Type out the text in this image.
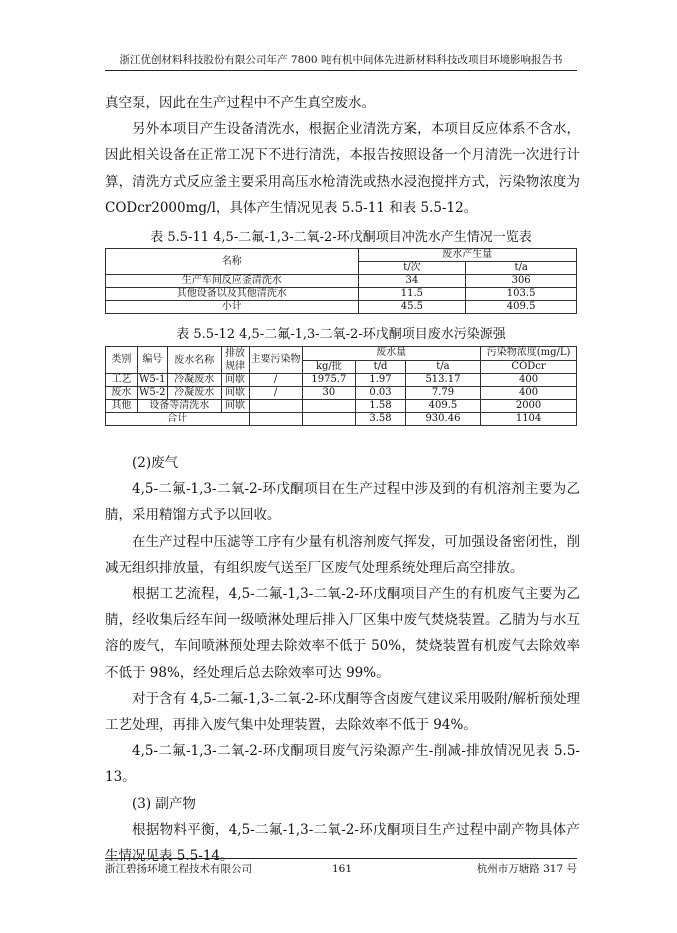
浙江优创材料科技股份有限公司年产 7800 吨有机中间体先进新材料科技改项目环境影响报告书

真空泵，因此在生产过程中不产生真空废水。

另外本项目产生设备清洗水，根据企业清洗方案，本项目反应体系不含水，因此相关设备在正常工况下不进行清洗，本报告按照设备一个月清洗一次进行计算，清洗方式反应釜主要采用高压水枪清洗或热水浸泡搅拌方式，污染物浓度为 CODcr2000mg/l，具体产生情况见表 5.5-11 和表 5.5-12。

表 5.5-11 4,5-二氟-1,3-二氧-2-环戊酮项目冲洗水产生情况一览表
名称	废水产生量	
	t/次	t/a
生产车间反应釜清洗水	34	306
其他设备以及其他清洗水	11.5	103.5
小计	45.5	409.5
表 5.5-12 4,5-二氟-1,3-二氧-2-环戊酮项目废水污染源强
类别	编号	废水名称	排放规律	主要污染物	废水量			污染物浓度(mg/L)
					kg/批	t/d	t/a	CODcr
工艺	W5-1	冷凝废水	间歇	/	1975.7	1.97	513.17	400
废水	W5-2	冷凝废水	间歇	/	30	0.03	7.79	400
其他	设备等清洗水		间歇			1.58	409.5	2000
合计						3.58	930.46	1104

(2)废气

4,5-二氟-1,3-二氧-2-环戊酮项目在生产过程中涉及到的有机溶剂主要为乙腈，采用精馏方式予以回收。

在生产过程中压滤等工序有少量有机溶剂废气挥发，可加强设备密闭性，削减无组织排放量，有组织废气送至厂区废气处理系统处理后高空排放。

根据工艺流程，4,5-二氟-1,3-二氧-2-环戊酮项目产生的有机废气主要为乙腈，经收集后经车间一级喷淋处理后排入厂区集中废气焚烧装置。乙腈为与水互溶的废气，车间喷淋预处理去除效率不低于 50%，焚烧装置有机废气去除效率不低于 98%，经处理后总去除效率可达 99%。

对于含有 4,5-二氟-1,3-二氧-2-环戊酮等含卤废气建议采用吸附/解析预处理工艺处理，再排入废气集中处理装置，去除效率不低于 94%。

4,5-二氟-1,3-二氧-2-环戊酮项目废气污染源产生-削减-排放情况见表 5.5-13。

(3) 副产物

根据物料平衡，4,5-二氟-1,3-二氧-2-环戊酮项目生产过程中副产物具体产生情况见表 5.5-14。

浙江碧扬环境工程技术有限公司	161	杭州市万塘路 317 号
